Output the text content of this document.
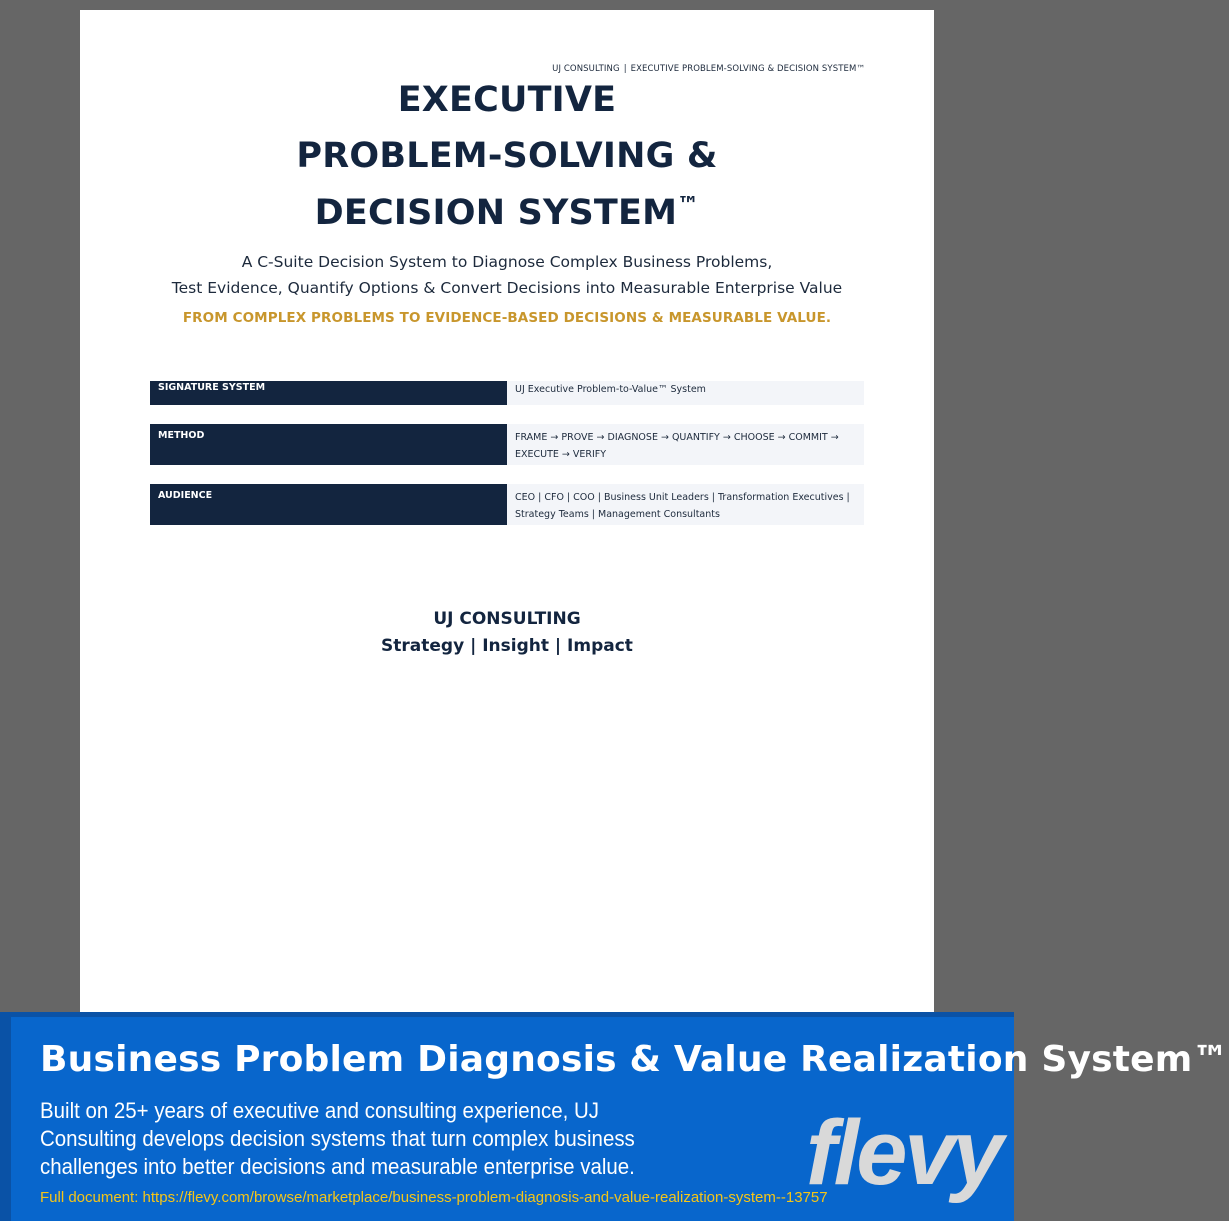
UJ CONSULTING | EXECUTIVE PROBLEM-SOLVING & DECISION SYSTEM™
EXECUTIVE
PROBLEM-SOLVING &
DECISION SYSTEM™
A C-Suite Decision System to Diagnose Complex Business Problems,
Test Evidence, Quantify Options & Convert Decisions into Measurable Enterprise Value
FROM COMPLEX PROBLEMS TO EVIDENCE-BASED DECISIONS & MEASURABLE VALUE.
SIGNATURE SYSTEM	UJ Executive Problem-to-Value™ System
METHOD	FRAME → PROVE → DIAGNOSE → QUANTIFY → CHOOSE → COMMIT → EXECUTE → VERIFY
AUDIENCE	CEO | CFO | COO | Business Unit Leaders | Transformation Executives | Strategy Teams | Management Consultants
UJ CONSULTING
Strategy | Insight | Impact
Business Problem Diagnosis & Value Realization System™
Built on 25+ years of executive and consulting experience, UJ Consulting develops decision systems that turn complex business challenges into better decisions and measurable enterprise value.
Full document: https://flevy.com/browse/marketplace/business-problem-diagnosis-and-value-realization-system--13757
flevy
